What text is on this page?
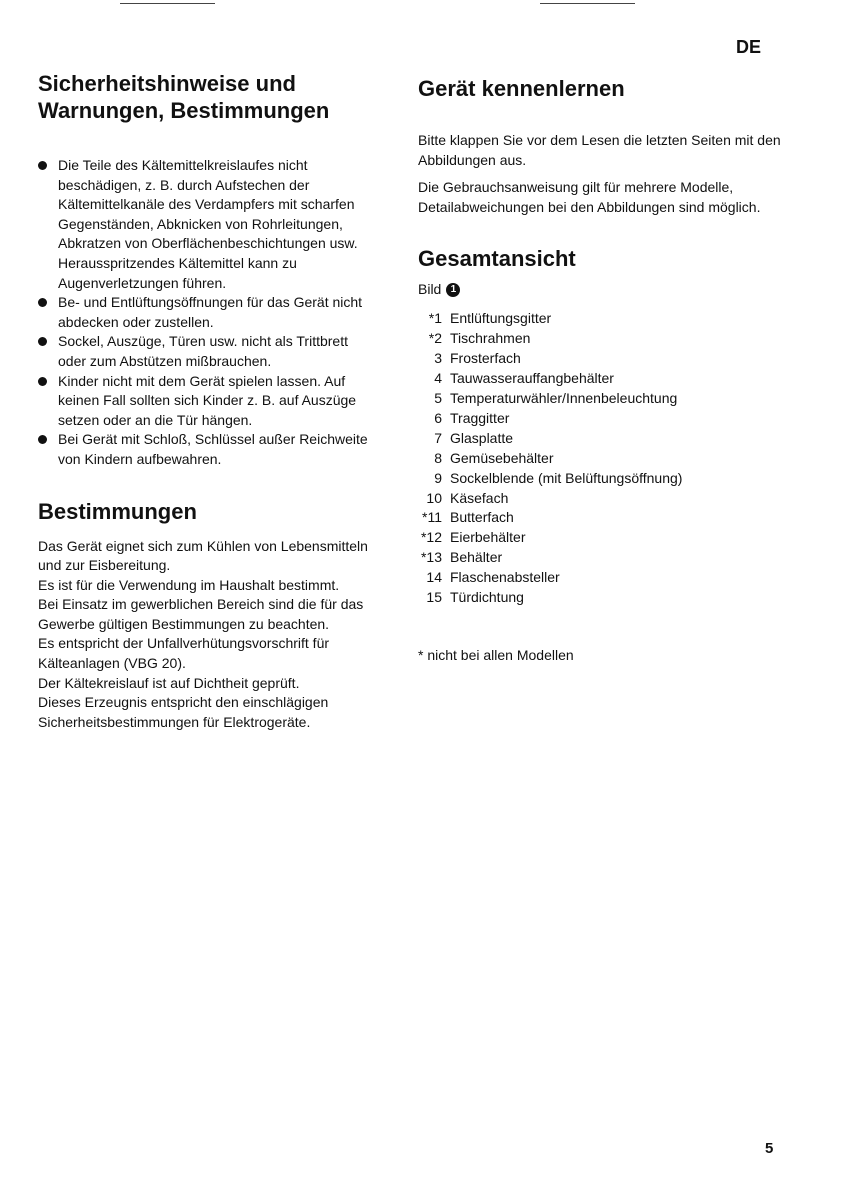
DE
Sicherheitshinweise und
Warnungen, Bestimmungen
Die Teile des Kältemittelkreislaufes nicht beschädigen, z. B. durch Aufstechen der Kältemittelkanäle des Verdampfers mit scharfen Gegenständen, Abknicken von Rohrleitungen, Abkratzen von Oberflächenbeschichtungen usw. Herausspritzendes Kältemittel kann zu Augenverletzungen führen.
Be- und Entlüftungsöffnungen für das Gerät nicht abdecken oder zustellen.
Sockel, Auszüge, Türen usw. nicht als Trittbrett oder zum Abstützen mißbrauchen.
Kinder nicht mit dem Gerät spielen lassen. Auf keinen Fall sollten sich Kinder z. B. auf Auszüge setzen oder an die Tür hängen.
Bei Gerät mit Schloß, Schlüssel außer Reichweite von Kindern aufbewahren.
Bestimmungen

Das Gerät eignet sich zum Kühlen von Lebensmitteln und zur Eisbereitung.

Es ist für die Verwendung im Haushalt bestimmt.

Bei Einsatz im gewerblichen Bereich sind die für das Gewerbe gültigen Bestimmungen zu beachten.

Es entspricht der Unfallverhütungsvorschrift für Kälteanlagen (VBG 20).

Der Kältekreislauf ist auf Dichtheit geprüft.

Dieses Erzeugnis entspricht den einschlägigen Sicherheitsbestimmungen für Elektrogeräte.

Gerät kennenlernen

Bitte klappen Sie vor dem Lesen die letzten Seiten mit den Abbildungen aus.

Die Gebrauchsanweisung gilt für mehrere Modelle, Detailabweichungen bei den Abbildungen sind möglich.

Gesamtansicht
Bild 1
*1 Entlüftungsgitter
*2 Tischrahmen
3 Frosterfach
4 Tauwasserauffangbehälter
5 Temperaturwähler/Innenbeleuchtung
6 Traggitter
7 Glasplatte
8 Gemüsebehälter
9 Sockelblende (mit Belüftungsöffnung)
10 Käsefach
*11 Butterfach
*12 Eierbehälter
*13 Behälter
14 Flaschenabsteller
15 Türdichtung

* nicht bei allen Modellen

5
